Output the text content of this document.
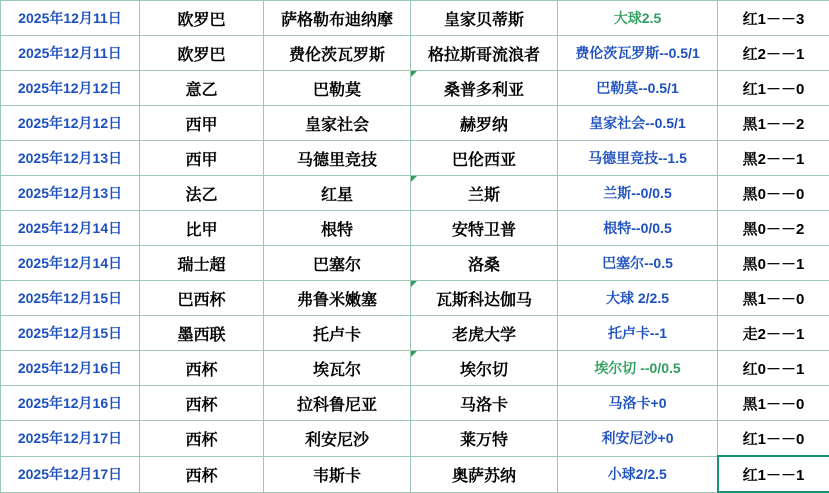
2025年12月11日	欧罗巴	萨格勒布迪纳摩	皇家贝蒂斯	大球2.5	红1－－3
2025年12月11日	欧罗巴	费伦茨瓦罗斯	格拉斯哥流浪者	费伦茨瓦罗斯--0.5/1	红2－－1
2025年12月12日	意乙	巴勒莫	桑普多利亚	巴勒莫--0.5/1	红1－－0
2025年12月12日	西甲	皇家社会	赫罗纳	皇家社会--0.5/1	黑1－－2
2025年12月13日	西甲	马德里竞技	巴伦西亚	马德里竞技--1.5	黑2－－1
2025年12月13日	法乙	红星	兰斯	兰斯--0/0.5	黑0－－0
2025年12月14日	比甲	根特	安特卫普	根特--0/0.5	黑0－－2
2025年12月14日	瑞士超	巴塞尔	洛桑	巴塞尔--0.5	黑0－－1
2025年12月15日	巴西杯	弗鲁米嫩塞	瓦斯科达伽马	大球 2/2.5	黑1－－0
2025年12月15日	墨西联	托卢卡	老虎大学	托卢卡--1	走2－－1
2025年12月16日	西杯	埃瓦尔	埃尔切	埃尔切 --0/0.5	红0－－1
2025年12月16日	西杯	拉科鲁尼亚	马洛卡	马洛卡+0	黑1－－0
2025年12月17日	西杯	利安尼沙	莱万特	利安尼沙+0	红1－－0
2025年12月17日	西杯	韦斯卡	奥萨苏纳	小球2/2.5	红1－－1
